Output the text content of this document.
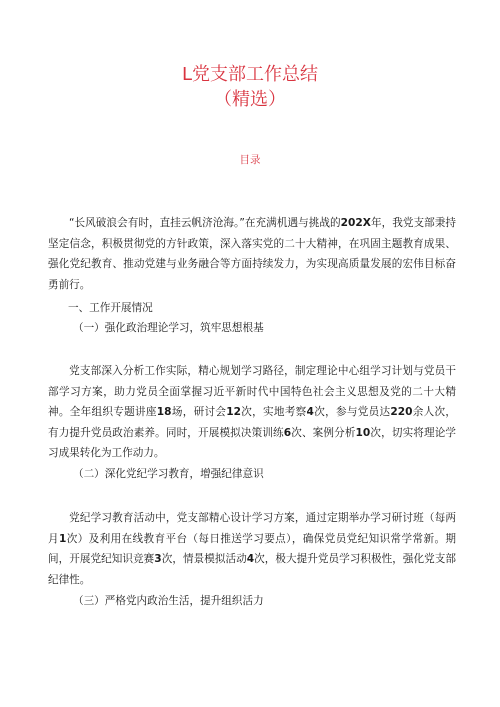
L党支部工作总结
（精选）
目录
“长风破浪会有时，直挂云帆济沧海。”在充满机遇与挑战的202X年，我党支部秉持坚定信念，积极贯彻党的方针政策，深入落实党的二十大精神，在巩固主题教育成果、强化党纪教育、推动党建与业务融合等方面持续发力，为实现高质量发展的宏伟目标奋勇前行。
一、工作开展情况
（一）强化政治理论学习，筑牢思想根基
党支部深入分析工作实际，精心规划学习路径，制定理论中心组学习计划与党员干部学习方案，助力党员全面掌握习近平新时代中国特色社会主义思想及党的二十大精神。全年组织专题讲座18场，研讨会12次，实地考察4次，参与党员达220余人次，有力提升党员政治素养。同时，开展模拟决策训练6次、案例分析10次，切实将理论学习成果转化为工作动力。
（二）深化党纪学习教育，增强纪律意识
党纪学习教育活动中，党支部精心设计学习方案，通过定期举办学习研讨班（每两月1次）及利用在线教育平台（每日推送学习要点），确保党员党纪知识常学常新。期间，开展党纪知识竞赛3次，情景模拟活动4次，极大提升党员学习积极性，强化党支部纪律性。
（三）严格党内政治生活，提升组织活力
